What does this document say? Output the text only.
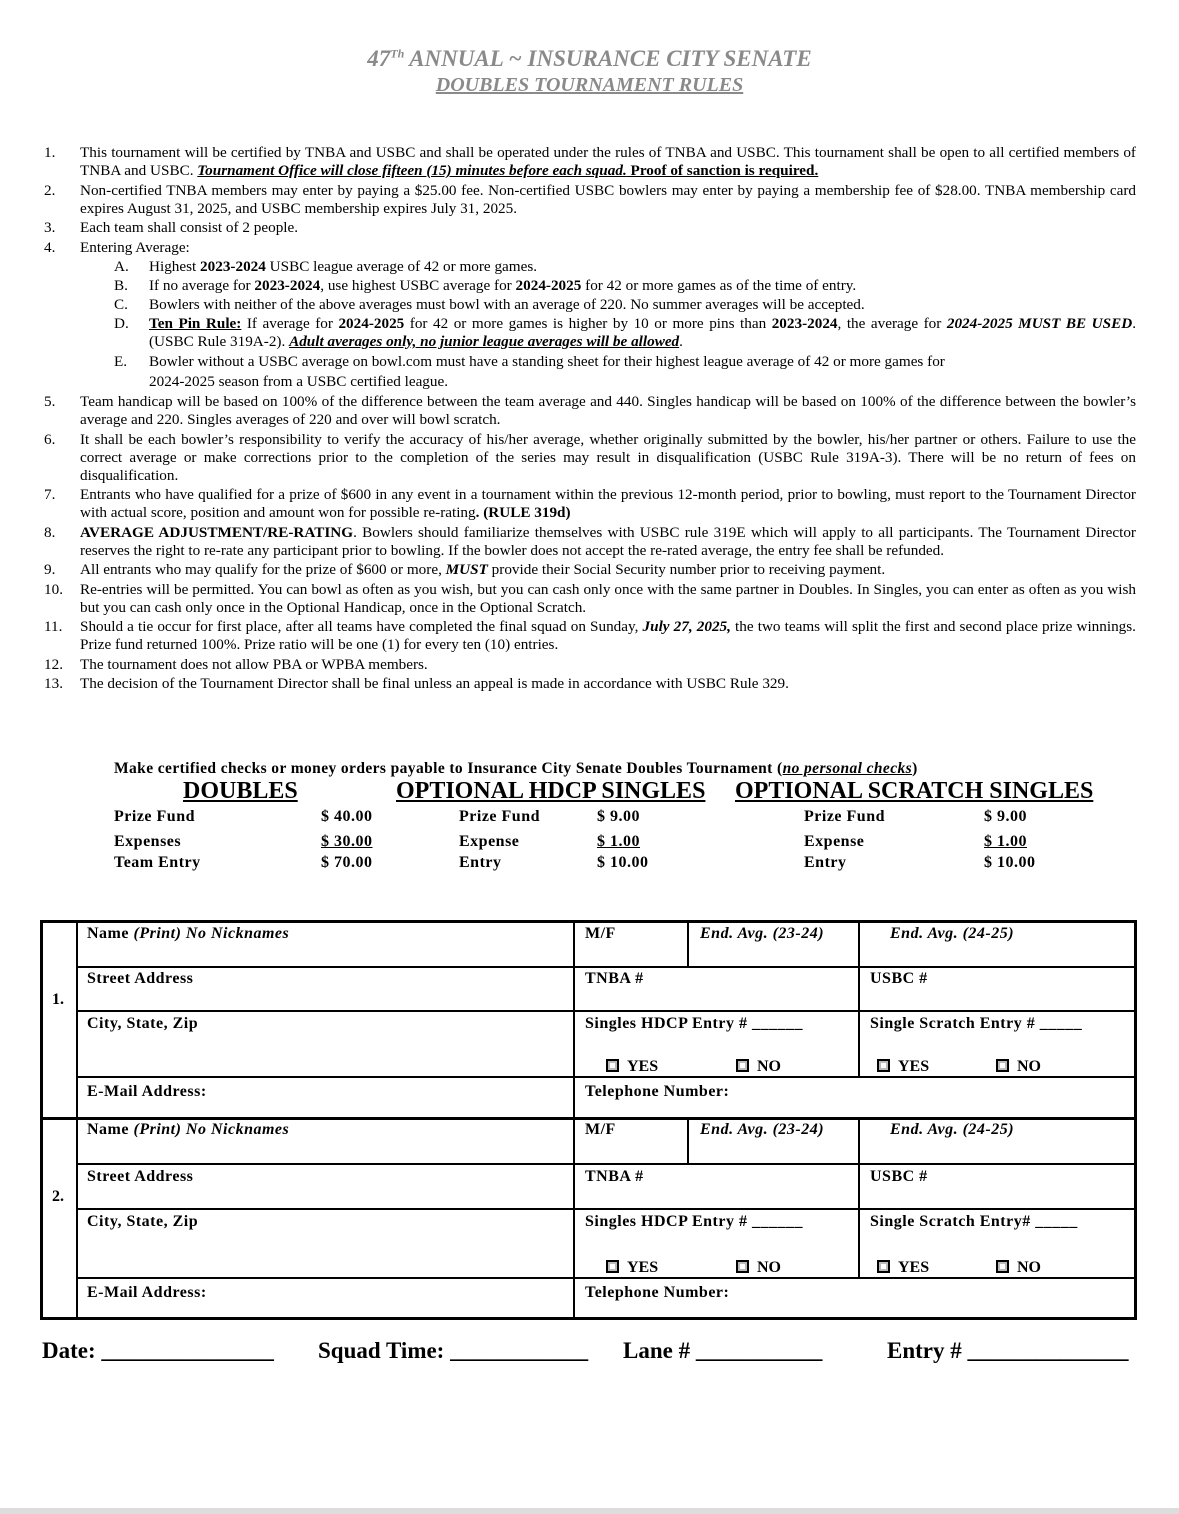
47Th ANNUAL ~ INSURANCE CITY SENATE
DOUBLES TOURNAMENT RULES
1. This tournament will be certified by TNBA and USBC and shall be operated under the rules of TNBA and USBC. This tournament shall be open to all certified members of TNBA and USBC. Tournament Office will close fifteen (15) minutes before each squad. Proof of sanction is required.
2. Non-certified TNBA members may enter by paying a $25.00 fee. Non-certified USBC bowlers may enter by paying a membership fee of $28.00. TNBA membership card expires August 31, 2025, and USBC membership expires July 31, 2025.
3. Each team shall consist of 2 people.
4. Entering Average:
A. Highest 2023-2024 USBC league average of 42 or more games.
B. If no average for 2023-2024, use highest USBC average for 2024-2025 for 42 or more games as of the time of entry.
C. Bowlers with neither of the above averages must bowl with an average of 220. No summer averages will be accepted.
D. Ten Pin Rule: If average for 2024-2025 for 42 or more games is higher by 10 or more pins than 2023-2024, the average for 2024-2025 MUST BE USED. (USBC Rule 319A-2). Adult averages only, no junior league averages will be allowed.
E. Bowler without a USBC average on bowl.com must have a standing sheet for their highest league average of 42 or more games for
2024-2025 season from a USBC certified league.
5. Team handicap will be based on 100% of the difference between the team average and 440. Singles handicap will be based on 100% of the difference between the bowler’s average and 220. Singles averages of 220 and over will bowl scratch.
6. It shall be each bowler’s responsibility to verify the accuracy of his/her average, whether originally submitted by the bowler, his/her partner or others. Failure to use the correct average or make corrections prior to the completion of the series may result in disqualification (USBC Rule 319A-3). There will be no return of fees on disqualification.
7. Entrants who have qualified for a prize of $600 in any event in a tournament within the previous 12-month period, prior to bowling, must report to the Tournament Director with actual score, position and amount won for possible re-rating. (RULE 319d)
8. AVERAGE ADJUSTMENT/RE-RATING. Bowlers should familiarize themselves with USBC rule 319E which will apply to all participants. The Tournament Director reserves the right to re-rate any participant prior to bowling. If the bowler does not accept the re-rated average, the entry fee shall be refunded.
9. All entrants who may qualify for the prize of $600 or more, MUST provide their Social Security number prior to receiving payment.
10. Re-entries will be permitted. You can bowl as often as you wish, but you can cash only once with the same partner in Doubles. In Singles, you can enter as often as you wish but you can cash only once in the Optional Handicap, once in the Optional Scratch.
11. Should a tie occur for first place, after all teams have completed the final squad on Sunday, July 27, 2025, the two teams will split the first and second place prize winnings. Prize fund returned 100%. Prize ratio will be one (1) for every ten (10) entries.
12. The tournament does not allow PBA or WPBA members.
13. The decision of the Tournament Director shall be final unless an appeal is made in accordance with USBC Rule 329.
Make certified checks or money orders payable to Insurance City Senate Doubles Tournament (no personal checks)
DOUBLES	OPTIONAL HDCP SINGLES OPTIONAL SCRATCH SINGLES
Prize Fund	$ 40.00
Expenses	$ 30.00
Team Entry	$ 70.00
Prize Fund	$ 9.00
Expense	$ 1.00
Entry	$ 10.00
Prize Fund	$ 9.00
Expense	$ 1.00
Entry	$ 10.00
1.
Name (Print) No Nicknames	M/F	End. Avg. (23-24)	End. Avg. (24-25)
Street Address	TNBA #	USBC #
City, State, Zip	Singles HDCP Entry # ______	Single Scratch Entry # _____
YES	NO	YES	NO
E-Mail Address:	Telephone Number:
2.
Name (Print) No Nicknames	M/F	End. Avg. (23-24)	End. Avg. (24-25)
Street Address	TNBA #	USBC #
City, State, Zip	Singles HDCP Entry # ______	Single Scratch Entry# _____
YES	NO	YES	NO
E-Mail Address:	Telephone Number:
Date: _______________ Squad Time: ____________ Lane # ___________	Entry # ______________
